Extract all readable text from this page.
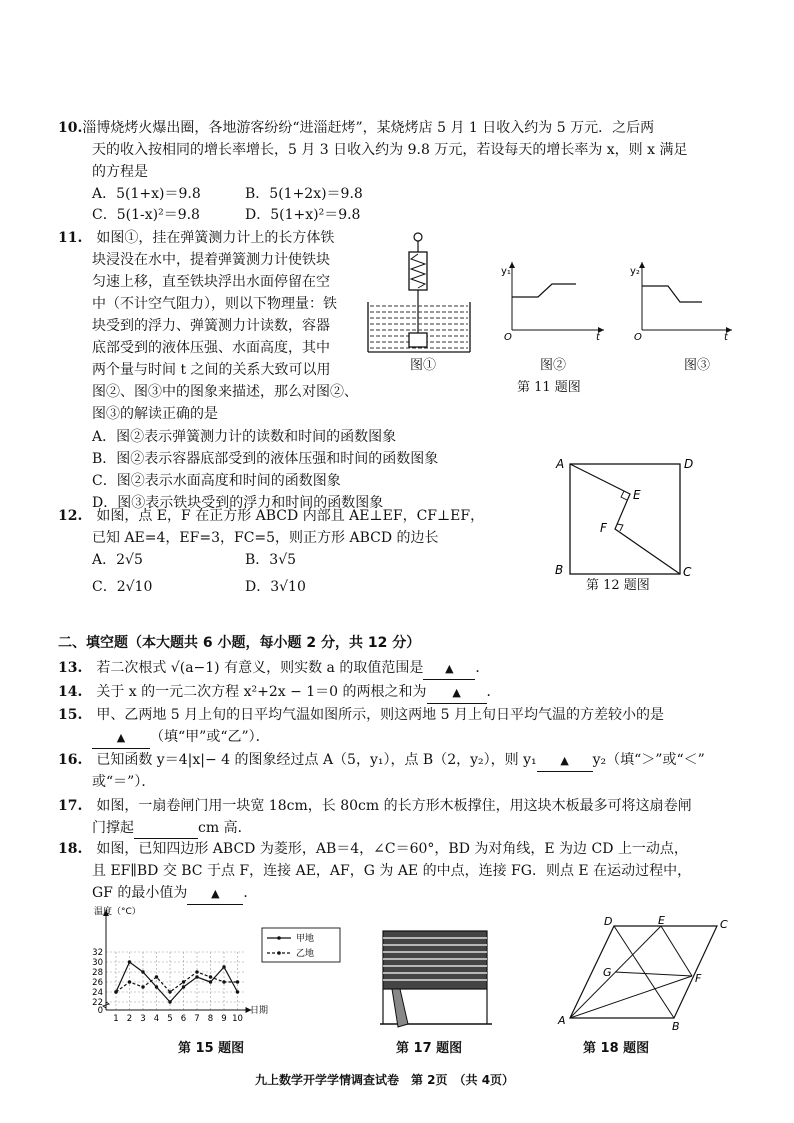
10.淄博烧烤火爆出圈，各地游客纷纷“进淄赶烤”，某烧烤店 5 月 1 日收入约为 5 万元．之后两
天的收入按相同的增长率增长，5 月 3 日收入约为 9.8 万元，若设每天的增长率为 x，则 x 满足
的方程是
A．5(1+x)＝9.8	B．5(1+2x)＝9.8
C．5(1-x)²＝9.8	D．5(1+x)²＝9.8
11.　 如图①，挂在弹簧测力计上的长方体铁
块浸没在水中，提着弹簧测力计使铁块
匀速上移，直至铁块浮出水面停留在空
中（不计空气阻力），则以下物理量：铁
块受到的浮力、弹簧测力计读数，容器
底部受到的液体压强、水面高度，其中
两个量与时间 t 之间的关系大致可以用
图②、图③中的图象来描述，那么对图②、
图③的解读正确的是
A．图②表示弹簧测力计的读数和时间的函数图象
B．图②表示容器底部受到的液体压强和时间的函数图象
C．图②表示水面高度和时间的函数图象
D．图③表示铁块受到的浮力和时间的函数图象
图①
y₁
O	t
图②
y₂
O	t
图③
第 11 题图
12.　 如图，点 E，F 在正方形 ABCD 内部且 AE⊥EF，CF⊥EF，
已知 AE=4，EF=3，FC=5，则正方形 ABCD 的边长
A．2√5	B．3√5
C．2√10	D．3√10
A	D
B	C
E
F
第 12 题图
二、填空题（本大题共 6 小题，每小题 2 分，共 12 分）
13.　 若二次根式 √(a−1) 有意义，则实数 a 的取值范围是 ▲ ．
14.　 关于 x 的一元二次方程 x²+2x − 1＝0 的两根之和为 ▲ ．
15.　 甲、乙两地 5 月上旬的日平均气温如图所示，则这两地 5 月上旬日平均气温的方差较小的是
▲ （填“甲”或“乙”）．
16.　 已知函数 y＝4|x|− 4 的图象经过点 A（5，y₁），点 B（2，y₂），则 y₁ ▲ y₂（填“＞”或“＜”
或“＝”）．
17.　 如图，一扇卷闸门用一块宽 18cm，长 80cm 的长方形木板撑住，用这块木板最多可将这扇卷闸
门撑起	cm 高．
18.　 如图，已知四边形 ABCD 为菱形，AB＝4，∠C＝60°，BD 为对角线，E 为边 CD 上一动点，
且 EF∥BD 交 BC 于点 F，连接 AE，AF，G 为 AE 的中点，连接 FG．则点 E 在运动过程中，
GF 的最小值为 ▲ ．
0
22
24
26
28
30
32
1 2 3 4 5 6 7 8 9 10
温度（°C）
日期
甲地
乙地
第 15 题图	第 17 题图
D	E	C
G	F
A	B
第 18 题图
九上数学开学学情调查试卷　第 2页　（共 4页）
